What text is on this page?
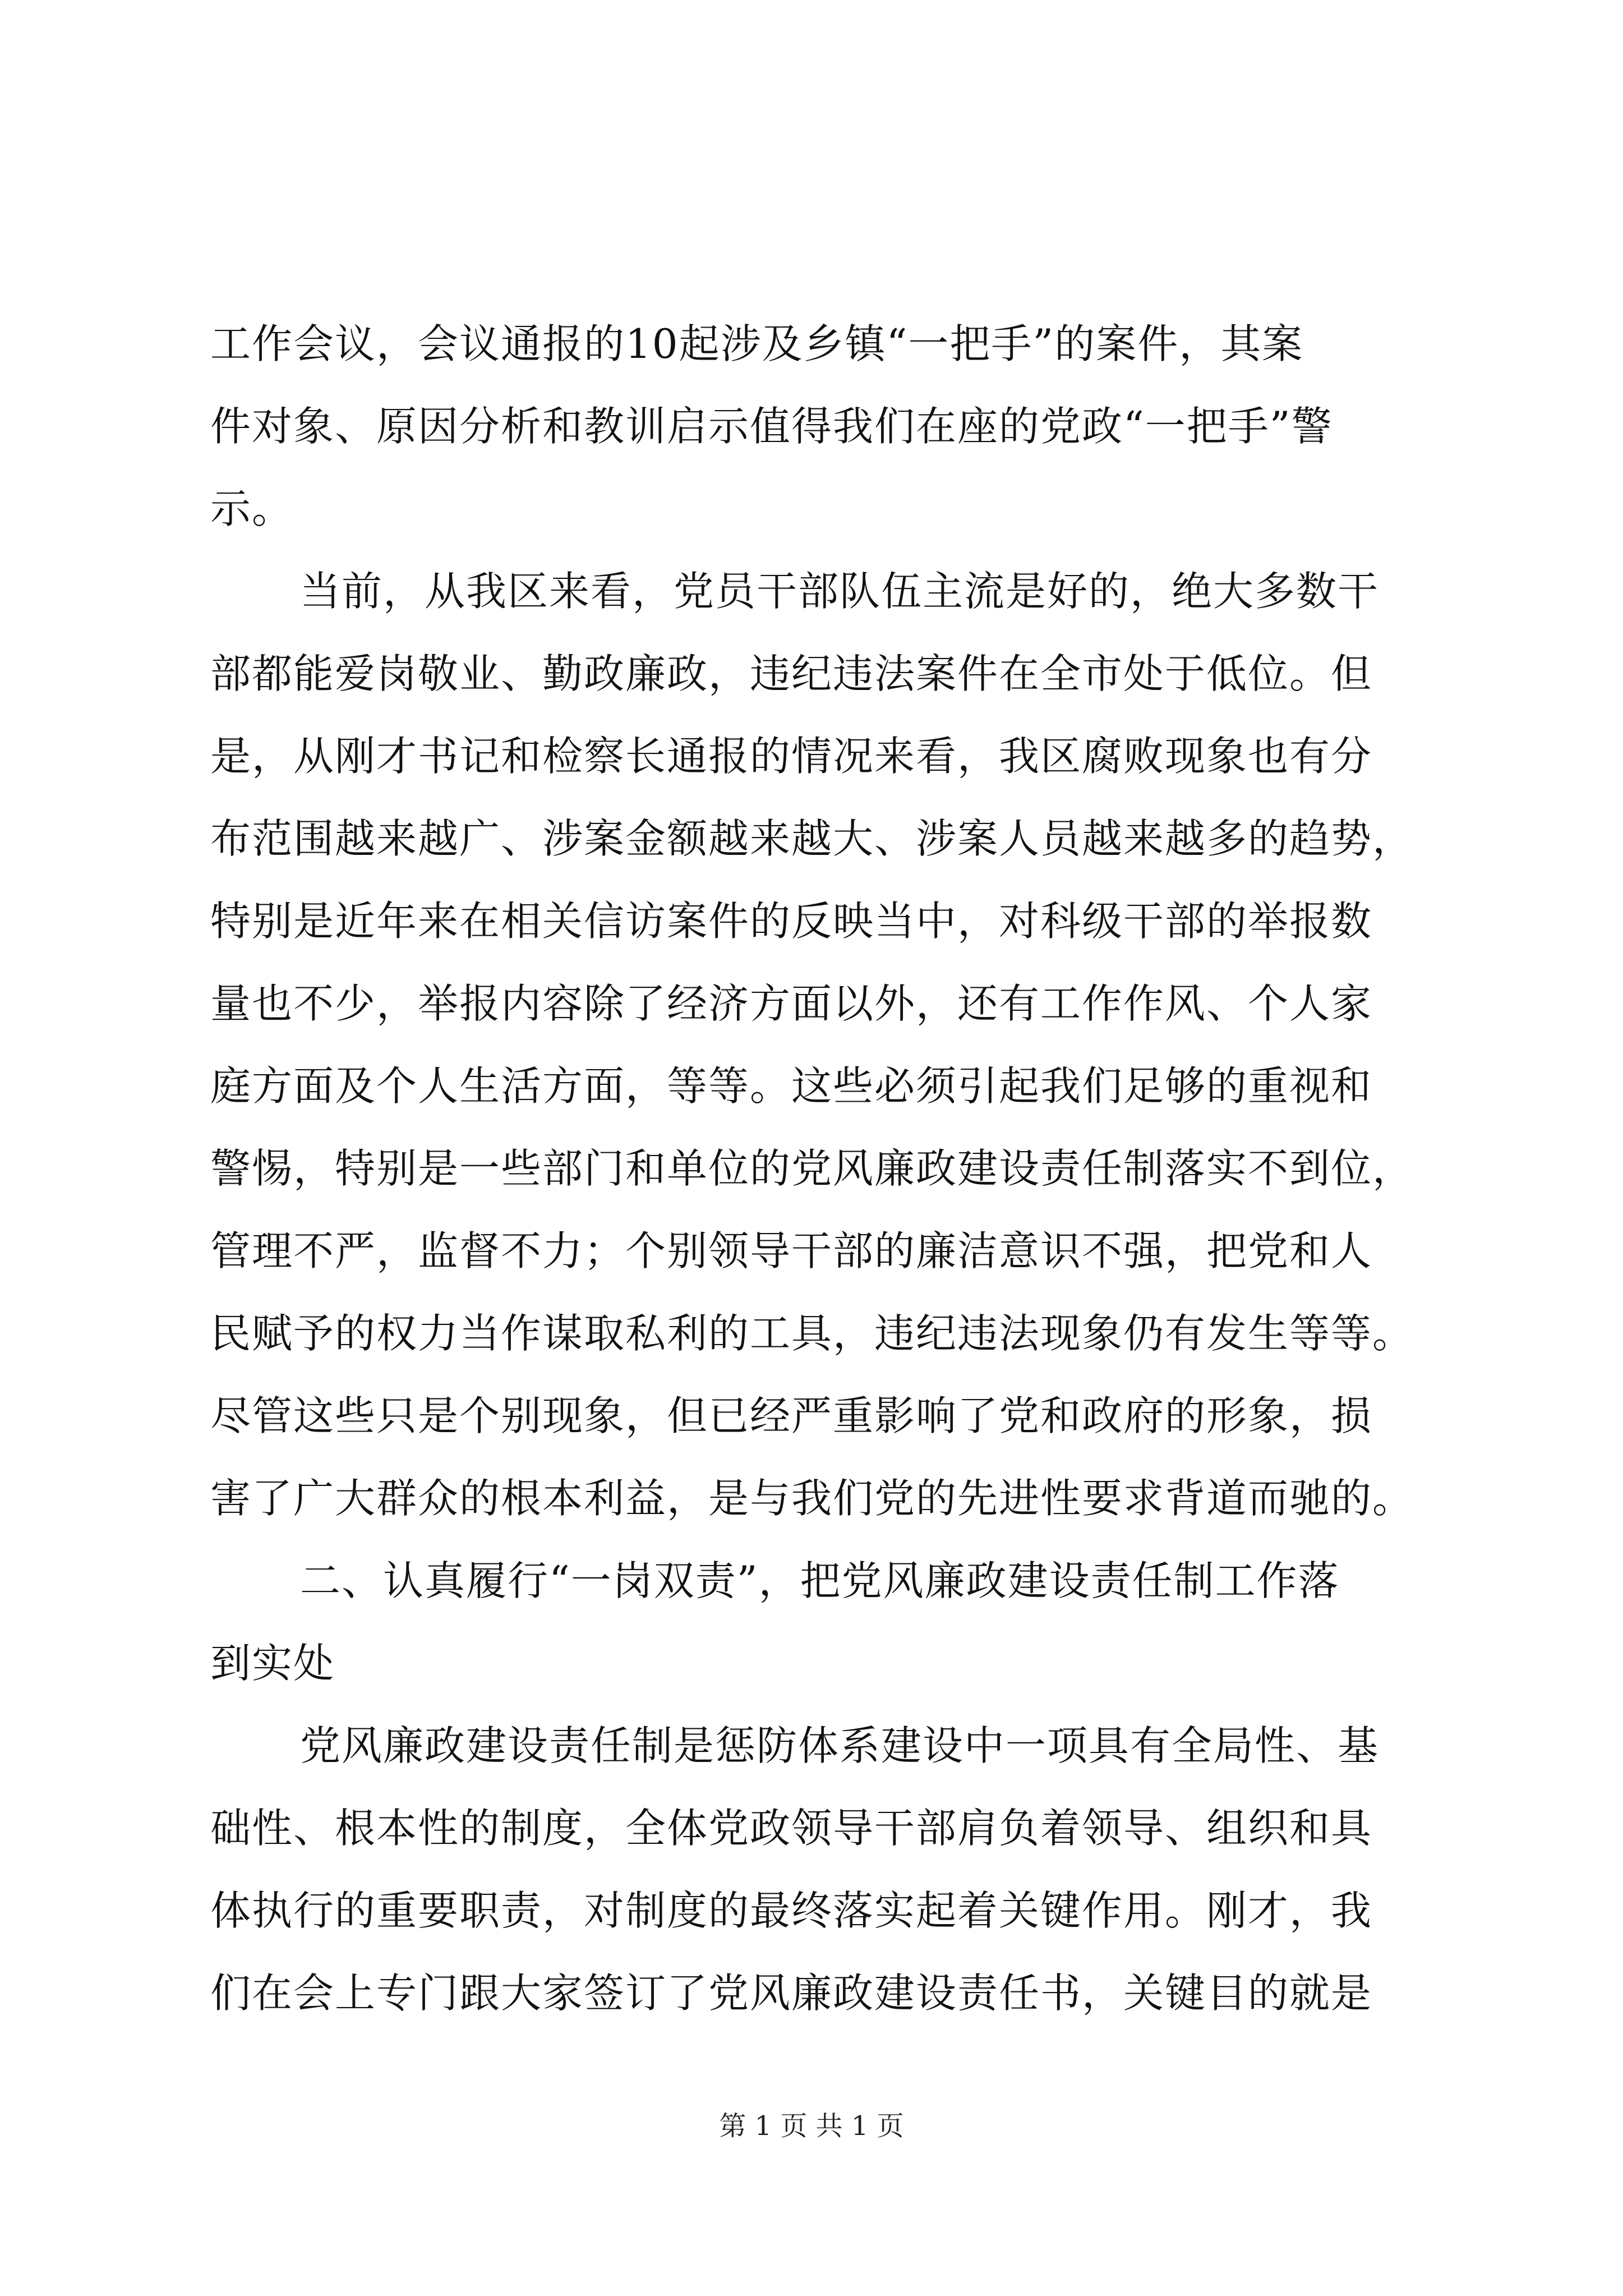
工作会议，会议通报的10起涉及乡镇“一把手”的案件，其案
件对象、原因分析和教训启示值得我们在座的党政“一把手”警
示。
当前，从我区来看，党员干部队伍主流是好的，绝大多数干
部都能爱岗敬业、勤政廉政，违纪违法案件在全市处于低位。但
是，从刚才书记和检察长通报的情况来看，我区腐败现象也有分
布范围越来越广、涉案金额越来越大、涉案人员越来越多的趋势，
特别是近年来在相关信访案件的反映当中，对科级干部的举报数
量也不少，举报内容除了经济方面以外，还有工作作风、个人家
庭方面及个人生活方面，等等。这些必须引起我们足够的重视和
警惕，特别是一些部门和单位的党风廉政建设责任制落实不到位，
管理不严，监督不力；个别领导干部的廉洁意识不强，把党和人
民赋予的权力当作谋取私利的工具，违纪违法现象仍有发生等等。
尽管这些只是个别现象，但已经严重影响了党和政府的形象，损
害了广大群众的根本利益，是与我们党的先进性要求背道而驰的。
二、认真履行“一岗双责”，把党风廉政建设责任制工作落
到实处
党风廉政建设责任制是惩防体系建设中一项具有全局性、基
础性、根本性的制度，全体党政领导干部肩负着领导、组织和具
体执行的重要职责，对制度的最终落实起着关键作用。刚才，我
们在会上专门跟大家签订了党风廉政建设责任书，关键目的就是
第 1 页 共 1 页
